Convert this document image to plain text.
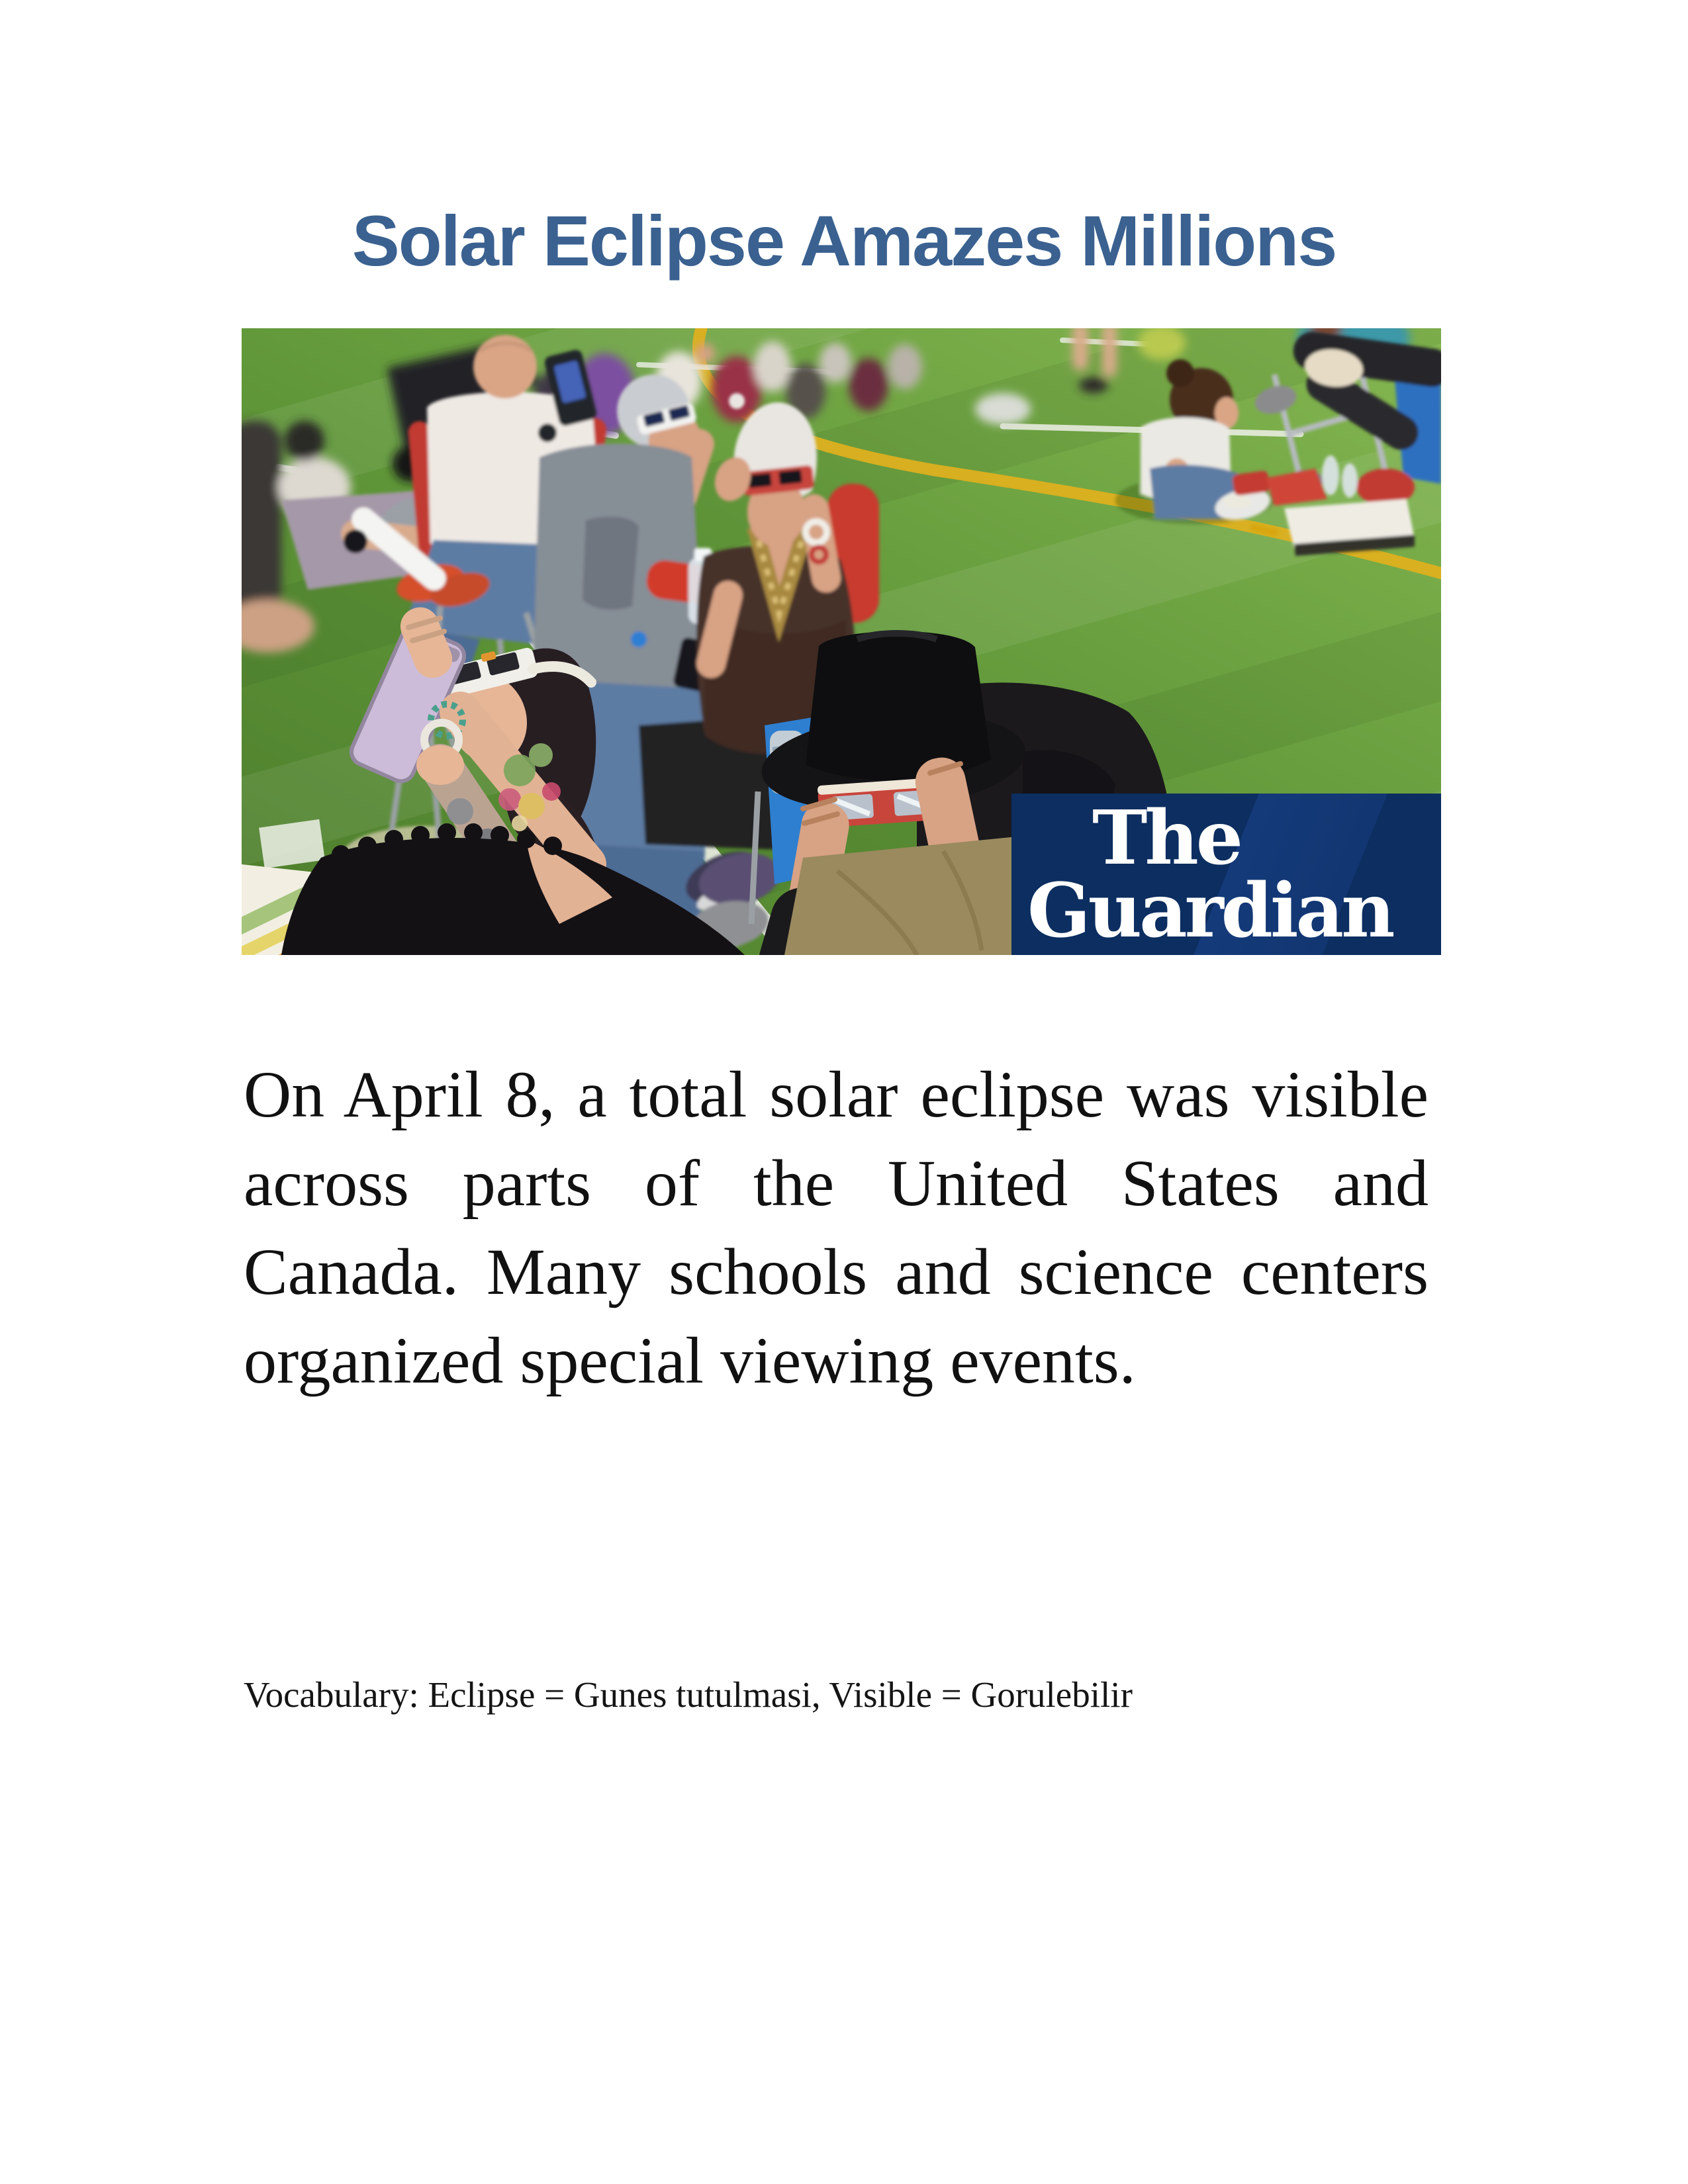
Solar Eclipse Amazes Millions
The
Guardian
On April 8, a total solar eclipse was visible
across parts of the United States and
Canada. Many schools and science centers
organized special viewing events.

Vocabulary: Eclipse = Gunes tutulmasi, Visible = Gorulebilir
